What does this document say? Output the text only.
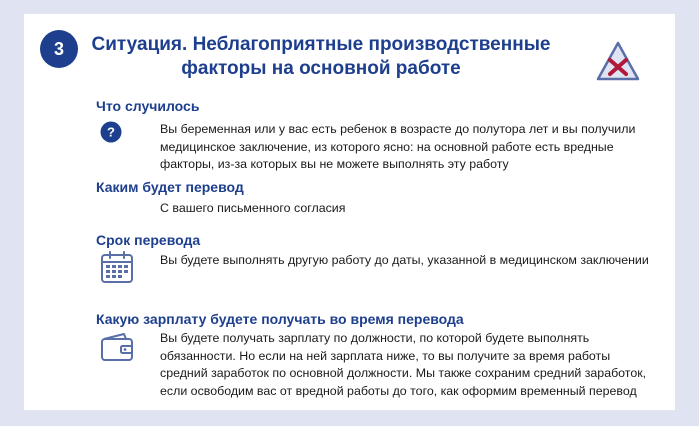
3	Ситуация. Неблагоприятные производственные
факторы на основной работе
Что случилось
?	Вы беременная или у вас есть ребенок в возрасте до полутора лет и вы получили медицинское заключение, из которого ясно: на основной работе есть вредные факторы, из-за которых вы не можете выполнять эту работу
Каким будет перевод
С вашего письменного согласия
Срок перевода
Вы будете выполнять другую работу до даты, указанной в медицинском заключении
Какую зарплату будете получать во время перевода
Вы будете получать зарплату по должности, по которой будете выполнять обязанности. Но если на ней зарплата ниже, то вы получите за время работы средний заработок по основной должности. Мы также сохраним средний заработок, если освободим вас от вредной работы до того, как оформим временный перевод
